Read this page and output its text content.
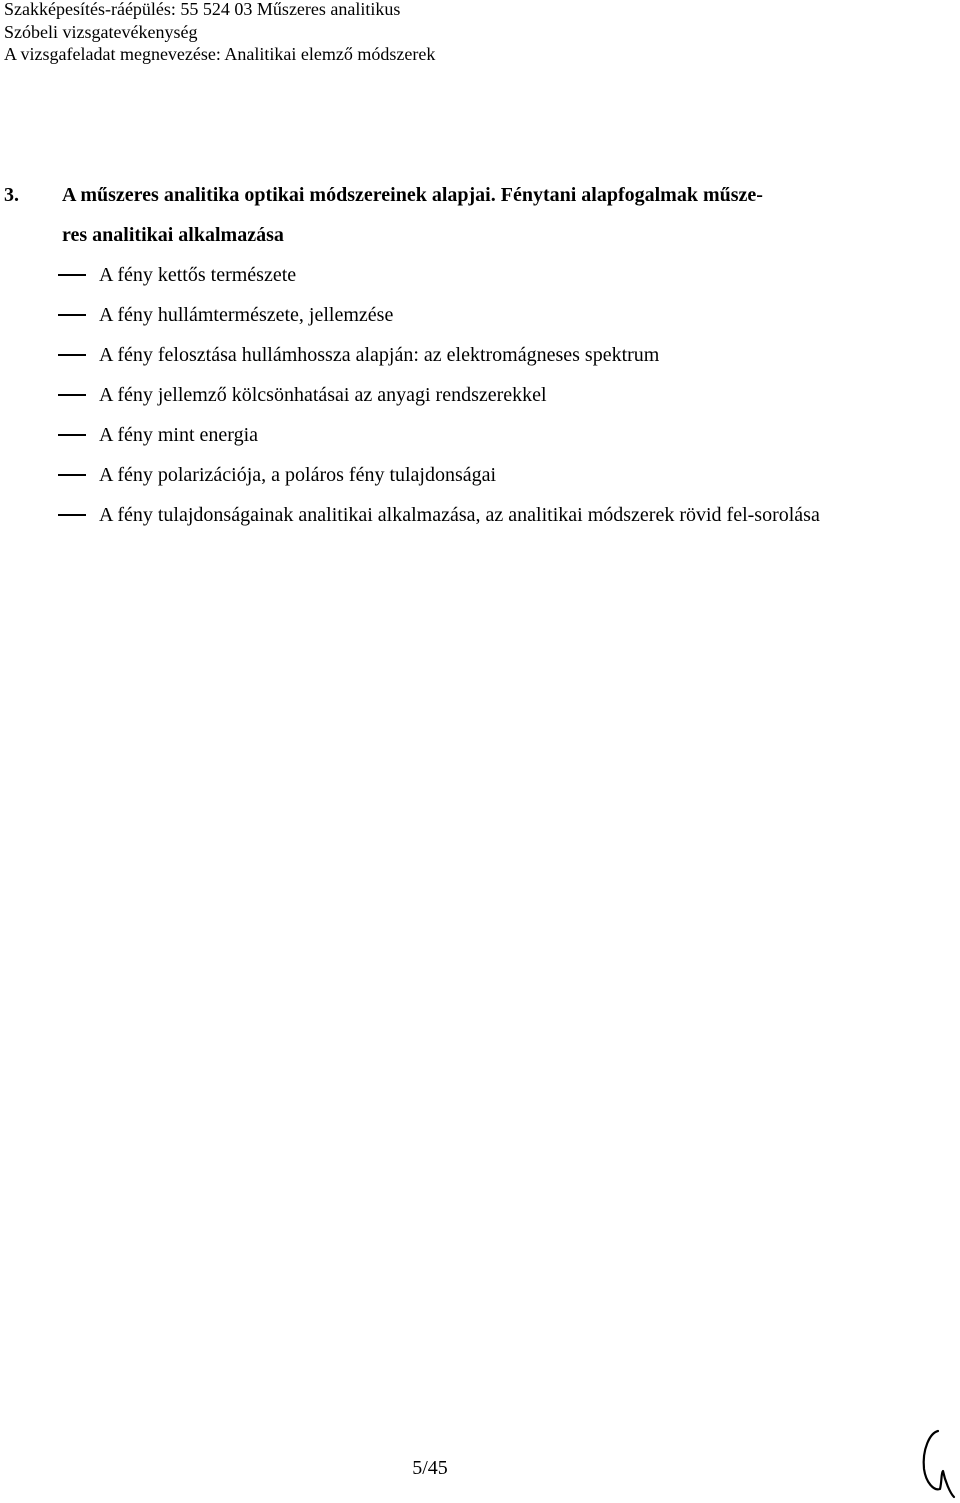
Szakképesítés-ráépülés: 55 524 03 Műszeres analitikus
Szóbeli vizsgatevékenység
A vizsgafeladat megnevezése: Analitikai elemző módszerek
3.	A műszeres analitika optikai módszereinek alapjai. Fénytani alapfogalmak műsze-
res analitikai alkalmazása
A fény kettős természete
A fény hullámtermészete, jellemzése
A fény felosztása hullámhossza alapján: az elektromágneses spektrum
A fény jellemző kölcsönhatásai az anyagi rendszerekkel
A fény mint energia
A fény polarizációja, a poláros fény tulajdonságai
A fény tulajdonságainak analitikai alkalmazása, az analitikai módszerek rövid fel-sorolása
5/45
